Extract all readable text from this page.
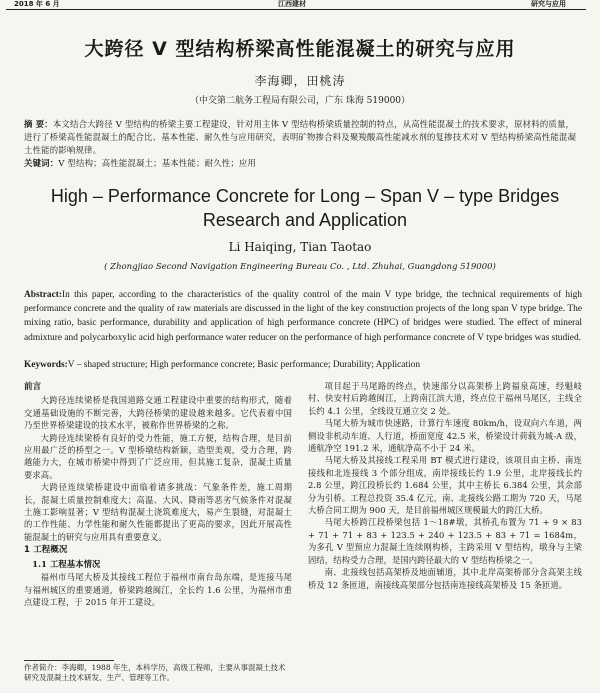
2018 年 6 月	江西建材	研究与应用
大跨径 V 型结构桥梁高性能混凝土的研究与应用
李海卿，田桃涛
（中交第二航务工程局有限公司，广东 珠海 519000）
摘 要：本文结合大跨径 V 型结构的桥梁主要工程建设，针对用主体 V 型结构桥梁质量控制的特点，从高性能混凝土的技术要求，原材料的质量，进行了桥梁高性能混凝土的配合比、基本性能、耐久性与应用研究，表明矿物掺合料及聚羧酸高性能减水剂的复掺技术对 V 型结构桥梁高性能混凝土性能的影响规律。
关键词：V 型结构；高性能混凝土；基本性能；耐久性；应用
High – Performance Concrete for Long – Span V – type Bridges Research and Application
Li Haiqing, Tian Taotao
( Zhongjiao Second Navigation Engineering Bureau Co. , Ltd. Zhuhai, Guangdong 519000)
Abstract:In this paper, according to the characteristics of the quality control of the main V type bridge, the technical requirements of high performance concrete and the quality of raw materials are discussed in the light of the key construction projects of the long span V type bridge. The mixing ratio, basic performance, durability and application of high performance concrete (HPC) of bridges were studied. The effect of mineral admixture and polycarboxylic acid high performance water reducer on the performance of high performance concrete of V type bridges was studied.
Keywords:V – shaped structure; High performance concrete; Basic performance; Durability; Application
前言

大跨径连续梁桥是我国道路交通工程建设中重要的结构形式，随着交通基础设施的不断完善，大跨径桥梁的建设越来越多。它代表着中国乃至世界桥梁建设的技术水平，被称作世界桥梁的之称。

大跨径连续梁桥有良好的受力性能，施工方便，结构合理，是目前应用最广泛的桥型之一。V 型桥墩结构新颖，造型美观，受力合理，跨越能力大，在城市桥梁中得到了广泛应用，但其施工复杂，混凝土质量要求高。

大跨径连续梁桥建设中面临着诸多挑战：气象条件差，施工周期长，混凝土质量控制难度大；高温、大风、降雨等恶劣气候条件对混凝土施工影响显著；V 型结构混凝土浇筑难度大，易产生裂缝，对混凝土的工作性能、力学性能和耐久性能都提出了更高的要求，因此开展高性能混凝土的研究与应用具有重要意义。

1 工程概况
1.1 工程基本情况

福州市马尾大桥及其接线工程位于福州市南台岛东端，是连接马尾与福州城区的重要通道，桥梁跨越闽江，全长约 1.6 公里，为福州市重点建设工程，于 2015 年开工建设。

项目起于马尾路的终点，快速部分以高架桥上跨福泉高速，经魁岐村、快安村后跨越闽江，上跨南江滨大道，终点位于福州马尾区，主线全长约 4.1 公里，全线设互通立交 2 处。

马尾大桥为城市快速路，计算行车速度 80km/h，设双向六车道，两侧设非机动车道、人行道，桥面宽度 42.5 米，桥梁设计荷载为城-A 级，通航净空 191.2 米，通航净高不小于 24 米。

马尾大桥及其接线工程采用 BT 模式进行建设，该项目由主桥、南连接线和北连接线 3 个部分组成，南岸接线长约 1.9 公里，北岸接线长约 2.8 公里，跨江段桥长约 1.684 公里，其中主桥长 6.384 公里，其余部分为引桥。工程总投资 35.4 亿元，南、北接线公路工期为 720 天，马尾大桥合同工期为 900 天，是目前福州城区规模最大的跨江大桥。

马尾大桥跨江段桥梁包括 1～18#墩，其桥孔布置为 71 + 9 × 83 + 71 + 71 + 83 + 123.5 + 240 + 123.5 + 83 + 71 = 1684m，为多孔 V 型预应力混凝土连续刚构桥，主跨采用 V 型结构，墩身与主梁固结，结构受力合理，是国内跨径最大的 V 型结构桥梁之一。

南、北接线包括高架桥及地面辅道，其中北岸高架桥部分含高架主线桥及 12 条匝道，南接线高架部分包括南连接线高架桥及 15 条匝道。

作者简介：李海卿，1988 年生，本科学历，高级工程师，主要从事混凝土技术研究及混凝土技术研发、生产、管理等工作。
